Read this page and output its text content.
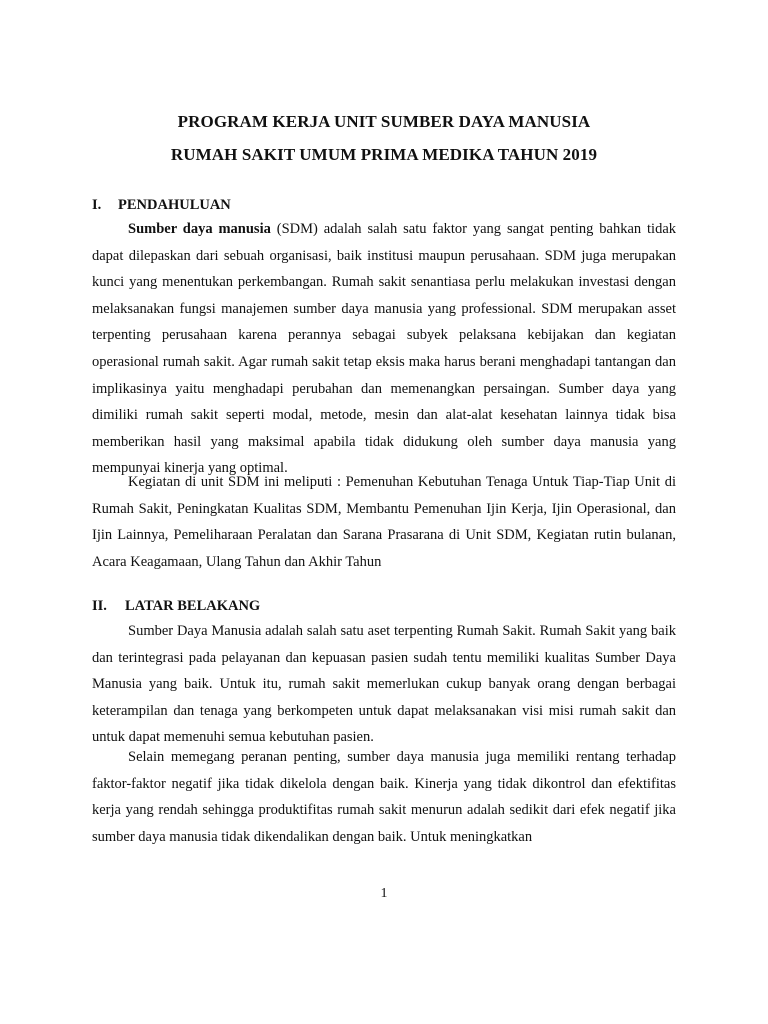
PROGRAM KERJA UNIT SUMBER DAYA MANUSIA
RUMAH SAKIT UMUM PRIMA MEDIKA TAHUN 2019
I. PENDAHULUAN

Sumber daya manusia (SDM) adalah salah satu faktor yang sangat penting bahkan tidak dapat dilepaskan dari sebuah organisasi, baik institusi maupun perusahaan. SDM juga merupakan kunci yang menentukan perkembangan. Rumah sakit senantiasa perlu melakukan investasi dengan melaksanakan fungsi manajemen sumber daya manusia yang professional. SDM merupakan asset terpenting perusahaan karena perannya sebagai subyek pelaksana kebijakan dan kegiatan operasional rumah sakit. Agar rumah sakit tetap eksis maka harus berani menghadapi tantangan dan implikasinya yaitu menghadapi perubahan dan memenangkan persaingan. Sumber daya yang dimiliki rumah sakit seperti modal, metode, mesin dan alat-alat kesehatan lainnya tidak bisa memberikan hasil yang maksimal apabila tidak didukung oleh sumber daya manusia yang mempunyai kinerja yang optimal.

Kegiatan di unit SDM ini meliputi : Pemenuhan Kebutuhan Tenaga Untuk Tiap-Tiap Unit di Rumah Sakit, Peningkatan Kualitas SDM, Membantu Pemenuhan Ijin Kerja, Ijin Operasional, dan Ijin Lainnya, Pemeliharaan Peralatan dan Sarana Prasarana di Unit SDM, Kegiatan rutin bulanan, Acara Keagamaan, Ulang Tahun dan Akhir Tahun

II. LATAR BELAKANG

Sumber Daya Manusia adalah salah satu aset terpenting Rumah Sakit. Rumah Sakit yang baik dan terintegrasi pada pelayanan dan kepuasan pasien sudah tentu memiliki kualitas Sumber Daya Manusia yang baik. Untuk itu, rumah sakit memerlukan cukup banyak orang dengan berbagai keterampilan dan tenaga yang berkompeten untuk dapat melaksanakan visi misi rumah sakit dan untuk dapat memenuhi semua kebutuhan pasien.

Selain memegang peranan penting, sumber daya manusia juga memiliki rentang terhadap faktor-faktor negatif jika tidak dikelola dengan baik. Kinerja yang tidak dikontrol dan efektifitas kerja yang rendah sehingga produktifitas rumah sakit menurun adalah sedikit dari efek negatif jika sumber daya manusia tidak dikendalikan dengan baik. Untuk meningkatkan

1
